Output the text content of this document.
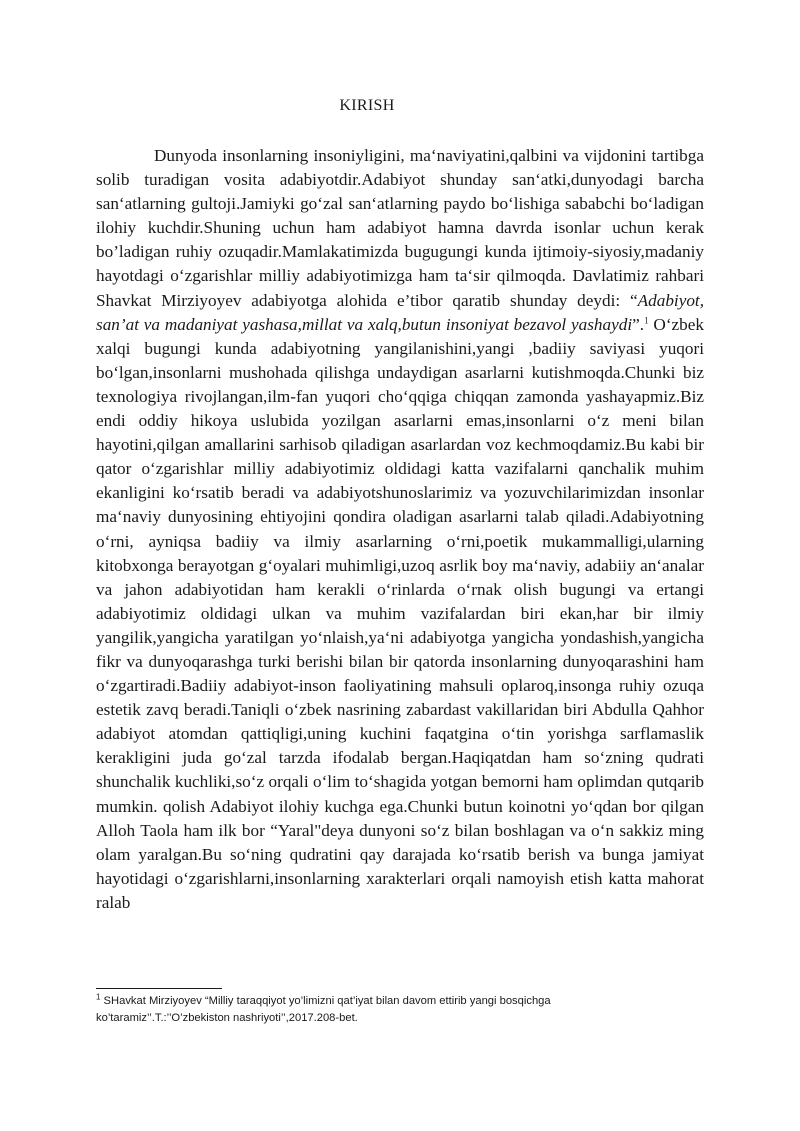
KIRISH

Dunyoda insonlarning insoniyligini, maʻnaviyatini,qalbini va vijdonini tartibga solib turadigan vosita adabiyotdir.Adabiyot shunday sanʻatki,dunyodagi barcha sanʻatlarning gultoji.Jamiyki goʻzal sanʻatlarning paydo boʻlishiga sababchi boʻladigan ilohiy kuchdir.Shuning uchun ham adabiyot hamna davrda isonlar uchun kerak bo’ladigan ruhiy ozuqadir.Mamlakatimizda bugugungi kunda ijtimoiy-siyosiy,madaniy hayotdagi oʻzgarishlar milliy adabiyotimizga ham taʻsir qilmoqda. Davlatimiz rahbari Shavkat Mirziyoyev adabiyotga alohida e’tibor qaratib shunday deydi: “Adabiyot, san’at va madaniyat yashasa,millat va xalq,butun insoniyat bezavol yashaydi”.$^1$ Oʻzbek xalqi bugungi kunda adabiyotning yangilanishini,yangi ,badiiy saviyasi yuqori boʻlgan,insonlarni mushohada qilishga undaydigan asarlarni kutishmoqda.Chunki biz texnologiya rivojlangan,ilm-fan yuqori choʻqqiga chiqqan zamonda yashayapmiz.Biz endi oddiy hikoya uslubida yozilgan asarlarni emas,insonlarni oʻz meni bilan hayotini,qilgan amallarini sarhisob qiladigan asarlardan voz kechmoqdamiz.Bu kabi bir qator oʻzgarishlar milliy adabiyotimiz oldidagi katta vazifalarni qanchalik muhim ekanligini koʻrsatib beradi va adabiyotshunoslarimiz va yozuvchilarimizdan insonlar maʻnaviy dunyosining ehtiyojini qondira oladigan asarlarni talab qiladi.Adabiyotning oʻrni, ayniqsa badiiy va ilmiy asarlarning oʻrni,poetik mukammalligi,ularning kitobxonga berayotgan gʻoyalari muhimligi,uzoq asrlik boy maʻnaviy, adabiiy anʻanalar va jahon adabiyotidan ham kerakli oʻrinlarda oʻrnak olish bugungi va ertangi adabiyotimiz oldidagi ulkan va muhim vazifalardan biri ekan,har bir ilmiy yangilik,yangicha yaratilgan yoʻnlaish,yaʻni adabiyotga yangicha yondashish,yangicha fikr va dunyoqarashga turki berishi bilan bir qatorda insonlarning dunyoqarashini ham oʻzgartiradi.Badiiy adabiyot-inson faoliyatining mahsuli oplaroq,insonga ruhiy ozuqa estetik zavq beradi.Taniqli oʻzbek nasrining zabardast vakillaridan biri Abdulla Qahhor adabiyot atomdan qattiqligi,uning kuchini faqatgina oʻtin yorishga sarflamaslik kerakligini juda goʻzal tarzda ifodalab bergan.Haqiqatdan ham soʻzning qudrati shunchalik kuchliki,soʻz orqali oʻlim toʻshagida yotgan bemorni ham oplimdan qutqarib mumkin. qolish Adabiyot ilohiy kuchga ega.Chunki butun koinotni yoʻqdan bor qilgan Alloh Taola ham ilk bor “Yaral"deya dunyoni soʻz bilan boshlagan va oʻn sakkiz ming olam yaralgan.Bu soʻning qudratini qay darajada koʻrsatib berish va bunga jamiyat hayotidagi oʻzgarishlarni,insonlarning xarakterlari orqali namoyish etish katta mahorat ralab

$^1$ SHavkat Mirziyoyev “Milliy taraqqiyot yo’limizni qat’iyat bilan davom ettirib yangi bosqichga ko’taramiz’’.T.:’’O’zbekiston nashriyoti’’,2017.208-bet.
